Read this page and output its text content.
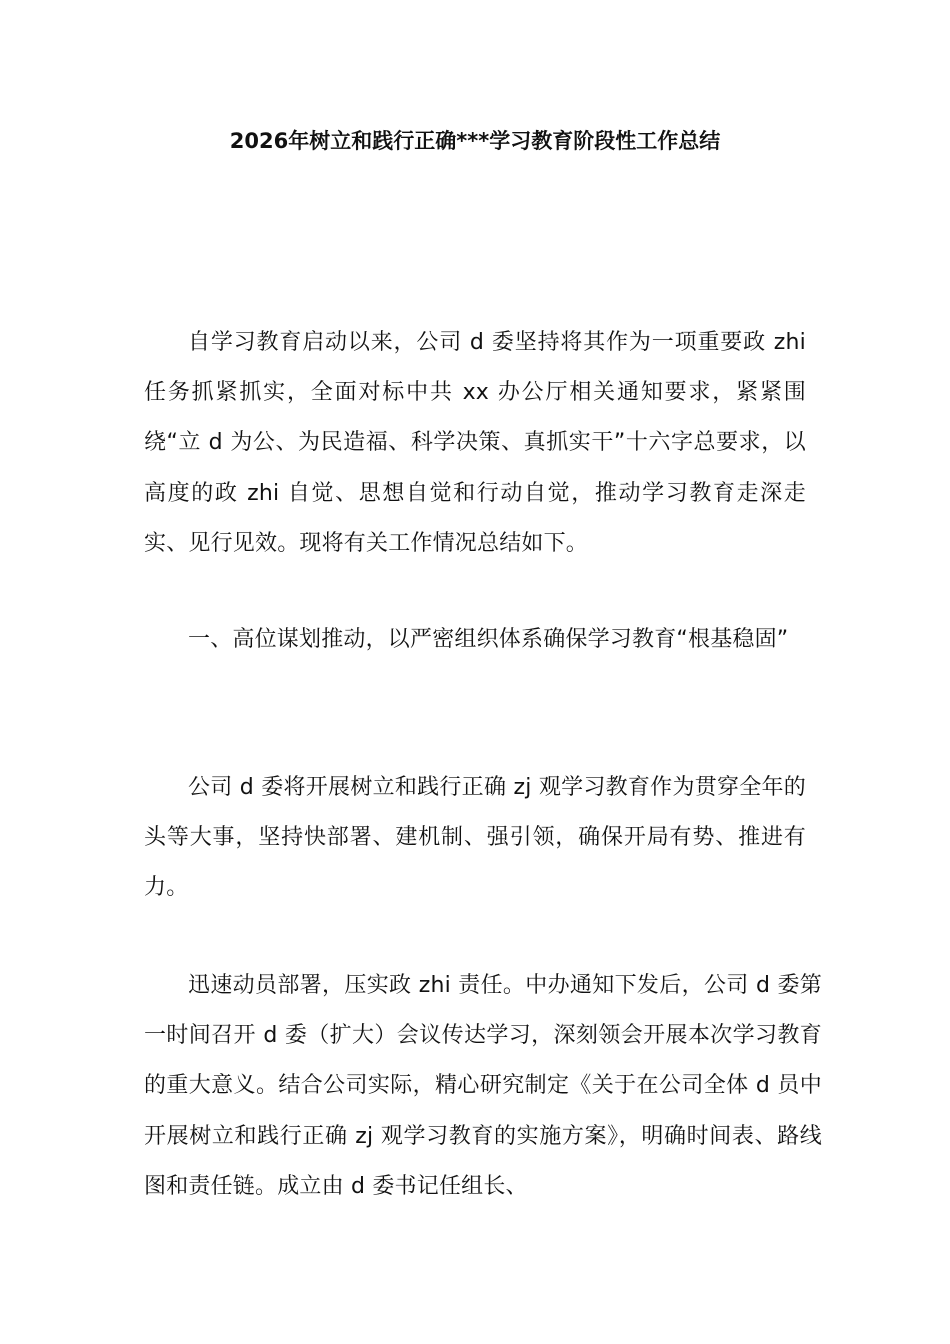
2026年树立和践行正确***学习教育阶段性工作总结

自学习教育启动以来，公司 d 委坚持将其作为一项重要政 zhi 任务抓紧抓实，全面对标中共 xx 办公厅相关通知要求，紧紧围绕“立 d 为公、为民造福、科学决策、真抓实干”十六字总要求，以高度的政 zhi 自觉、思想自觉和行动自觉，推动学习教育走深走实、见行见效。现将有关工作情况总结如下。

一、高位谋划推动，以严密组织体系确保学习教育“根基稳固”

公司 d 委将开展树立和践行正确 zj 观学习教育作为贯穿全年的头等大事，坚持快部署、建机制、强引领，确保开局有势、推进有力。

迅速动员部署，压实政 zhi 责任。中办通知下发后，公司 d 委第一时间召开 d 委（扩大）会议传达学习，深刻领会开展本次学习教育的重大意义。结合公司实际，精心研究制定《关于在公司全体 d 员中开展树立和践行正确 zj 观学习教育的实施方案》，明确时间表、路线图和责任链。成立由 d 委书记任组长、
